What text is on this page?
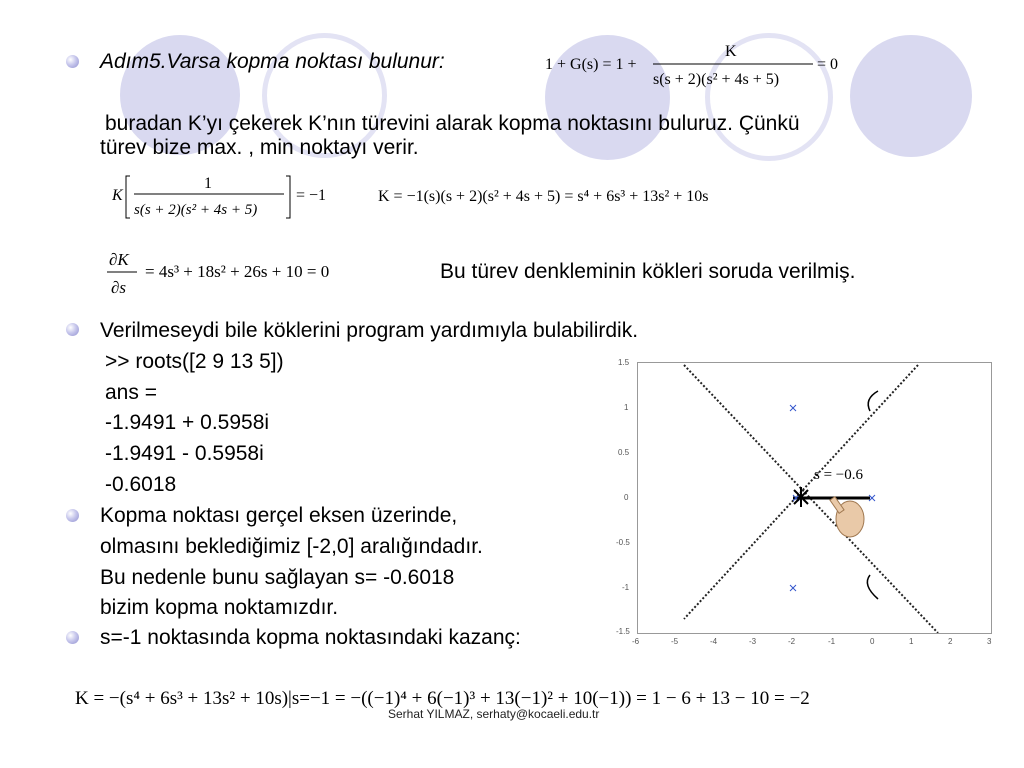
Adım5.Varsa kopma noktası bulunur:	1 + G(s) = 1 +
K
s(s + 2)(s² + 4s + 5)
= 0
buradan K’yı çekerek K’nın türevini alarak kopma noktasını buluruz. Çünkü
türev bize max. , min noktayı verir.
K
1
s(s + 2)(s² + 4s + 5)
= −1	K = −1(s)(s + 2)(s² + 4s + 5) = s⁴ + 6s³ + 13s² + 10s
∂K
∂s
= 4s³ + 18s² + 26s + 10 = 0	Bu türev denkleminin kökleri soruda verilmiş.
Verilmeseydi bile köklerini program yardımıyla bulabilirdik.
>> roots([2 9 13 5])
ans =
-1.9491 + 0.5958i
-1.9491 - 0.5958i
-0.6018
Kopma noktası gerçel eksen üzerinde,
olmasını beklediğimiz [-2,0] aralığındadır.
Bu nedenle bunu sağlayan s= -0.6018
bizim kopma noktamızdır.
s=-1 noktasında kopma noktasındaki kazanç:
s = −0.6
1.5
1
0.5
0
-0.5
-1
-1.5
-6	-5	-4	-3	-2	-1	0	1	2	3
K = −(s⁴ + 6s³ + 13s² + 10s)|s=−1 = −((−1)⁴ + 6(−1)³ + 13(−1)² + 10(−1)) = 1 − 6 + 13 − 10 = −2
Serhat YILMAZ, serhaty@kocaeli.edu.tr
